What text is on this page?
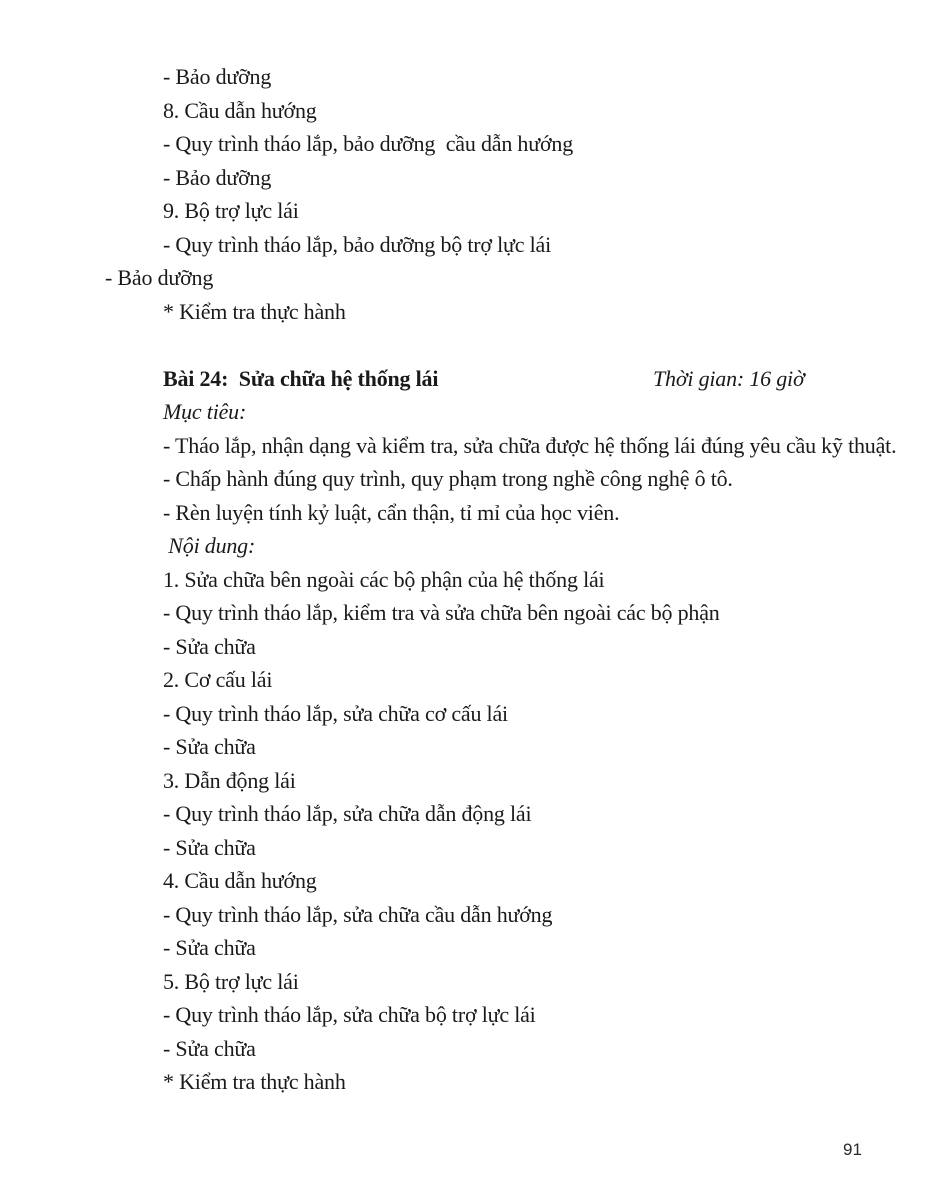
- Bảo dưỡng

8. Cầu dẫn hướng

- Quy trình tháo lắp, bảo dưỡng  cầu dẫn hướng

- Bảo dưỡng

9. Bộ trợ lực lái

- Quy trình tháo lắp, bảo dưỡng bộ trợ lực lái

- Bảo dưỡng

* Kiểm tra thực hành

Bài 24:  Sửa chữa hệ thống lái	Thời gian: 16 giờ

Mục tiêu:

- Tháo lắp, nhận dạng và kiểm tra, sửa chữa được hệ thống lái đúng yêu cầu kỹ thuật.

- Chấp hành đúng quy trình, quy phạm trong nghề công nghệ ô tô.

- Rèn luyện tính kỷ luật, cẩn thận, tỉ mỉ của học viên.

Nội dung:

1. Sửa chữa bên ngoài các bộ phận của hệ thống lái

- Quy trình tháo lắp, kiểm tra và sửa chữa bên ngoài các bộ phận

- Sửa chữa

2. Cơ cấu lái

- Quy trình tháo lắp, sửa chữa cơ cấu lái

- Sửa chữa

3. Dẫn động lái

- Quy trình tháo lắp, sửa chữa dẫn động lái

- Sửa chữa

4. Cầu dẫn hướng

- Quy trình tháo lắp, sửa chữa cầu dẫn hướng

- Sửa chữa

5. Bộ trợ lực lái

- Quy trình tháo lắp, sửa chữa bộ trợ lực lái

- Sửa chữa

* Kiểm tra thực hành

91
